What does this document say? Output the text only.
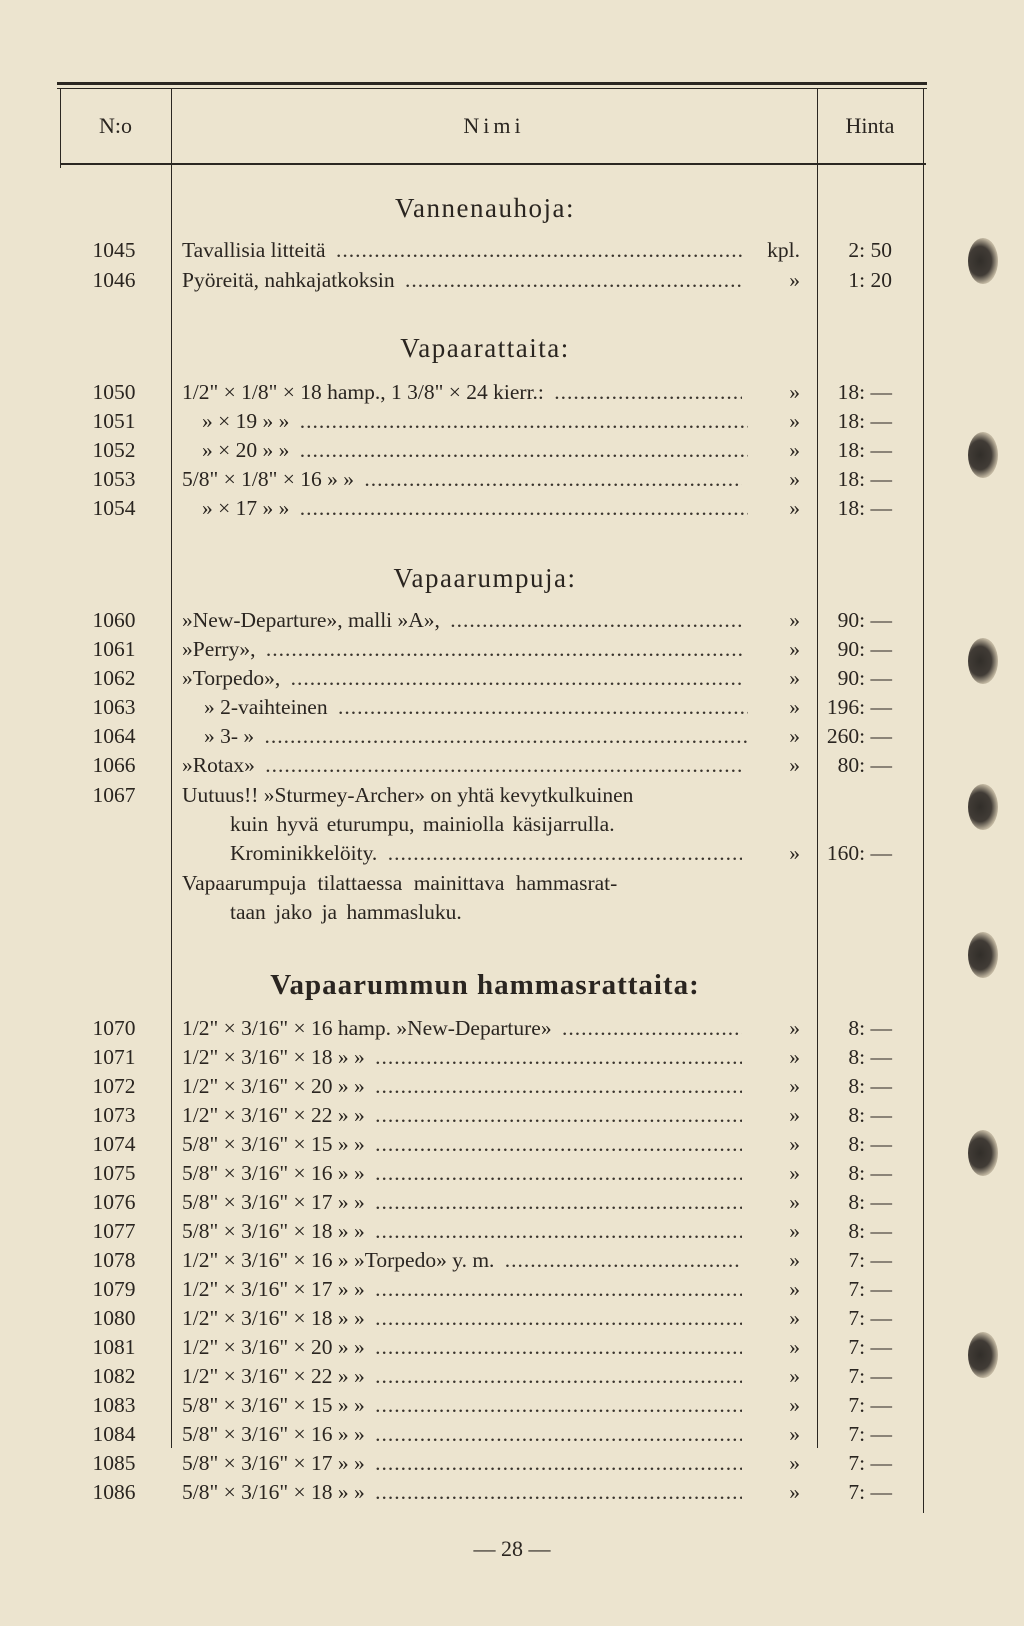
N:o	Nimi	Hinta
Vannenauhoja:
1045	Tavallisia litteitä .....	kpl.	2: 50
1046	Pyöreitä, nahkajatkoksin .....	»	1: 20
Vapaarattaita:
1050	1/2" × 1/8" × 18 hamp., 1 3/8" × 24 kierr.: .....	»	18: —
1051	» × 19 » » .....	»	18: —
1052	» × 20 » » .....	»	18: —
1053	5/8" × 1/8" × 16 » » .....	»	18: —
1054	» × 17 » » .....	»	18: —
Vapaarumpuja:
1060	»New-Departure», malli »A», .....	»	90: —
1061	»Perry», .....	»	90: —
1062	»Torpedo», .....	»	90: —
1063	» 2-vaihteinen .....	»	196: —
1064	» 3- » .....	»	260: —
1066	»Rotax» .....	»	80: —
1067	Uutuus!! »Sturmey-Archer» on yhtä kevytkulkuinen
kuin hyvä eturumpu, mainiolla käsijarrulla.
Krominikkelöity. .....	»	160: —
Vapaarumpuja tilattaessa mainittava hammasrat-
taan jako ja hammasluku.
Vapaarummun hammasrattaita:
1070	1/2" × 3/16" × 16 hamp. »New-Departure» .....	»	8: —
1071	1/2" × 3/16" × 18 » » .....	»	8: —
1072	1/2" × 3/16" × 20 » » .....	»	8: —
1073	1/2" × 3/16" × 22 » » .....	»	8: —
1074	5/8" × 3/16" × 15 » » .....	»	8: —
1075	5/8" × 3/16" × 16 » » .....	»	8: —
1076	5/8" × 3/16" × 17 » » .....	»	8: —
1077	5/8" × 3/16" × 18 » » .....	»	8: —
1078	1/2" × 3/16" × 16 » »Torpedo» y. m. .....	»	7: —
1079	1/2" × 3/16" × 17 » » .....	»	7: —
1080	1/2" × 3/16" × 18 » » .....	»	7: —
1081	1/2" × 3/16" × 20 » » .....	»	7: —
1082	1/2" × 3/16" × 22 » » .....	»	7: —
1083	5/8" × 3/16" × 15 » » .....	»	7: —
1084	5/8" × 3/16" × 16 » » .....	»	7: —
1085	5/8" × 3/16" × 17 » » .....	»	7: —
1086	5/8" × 3/16" × 18 » » .....	»	7: —
— 28 —
